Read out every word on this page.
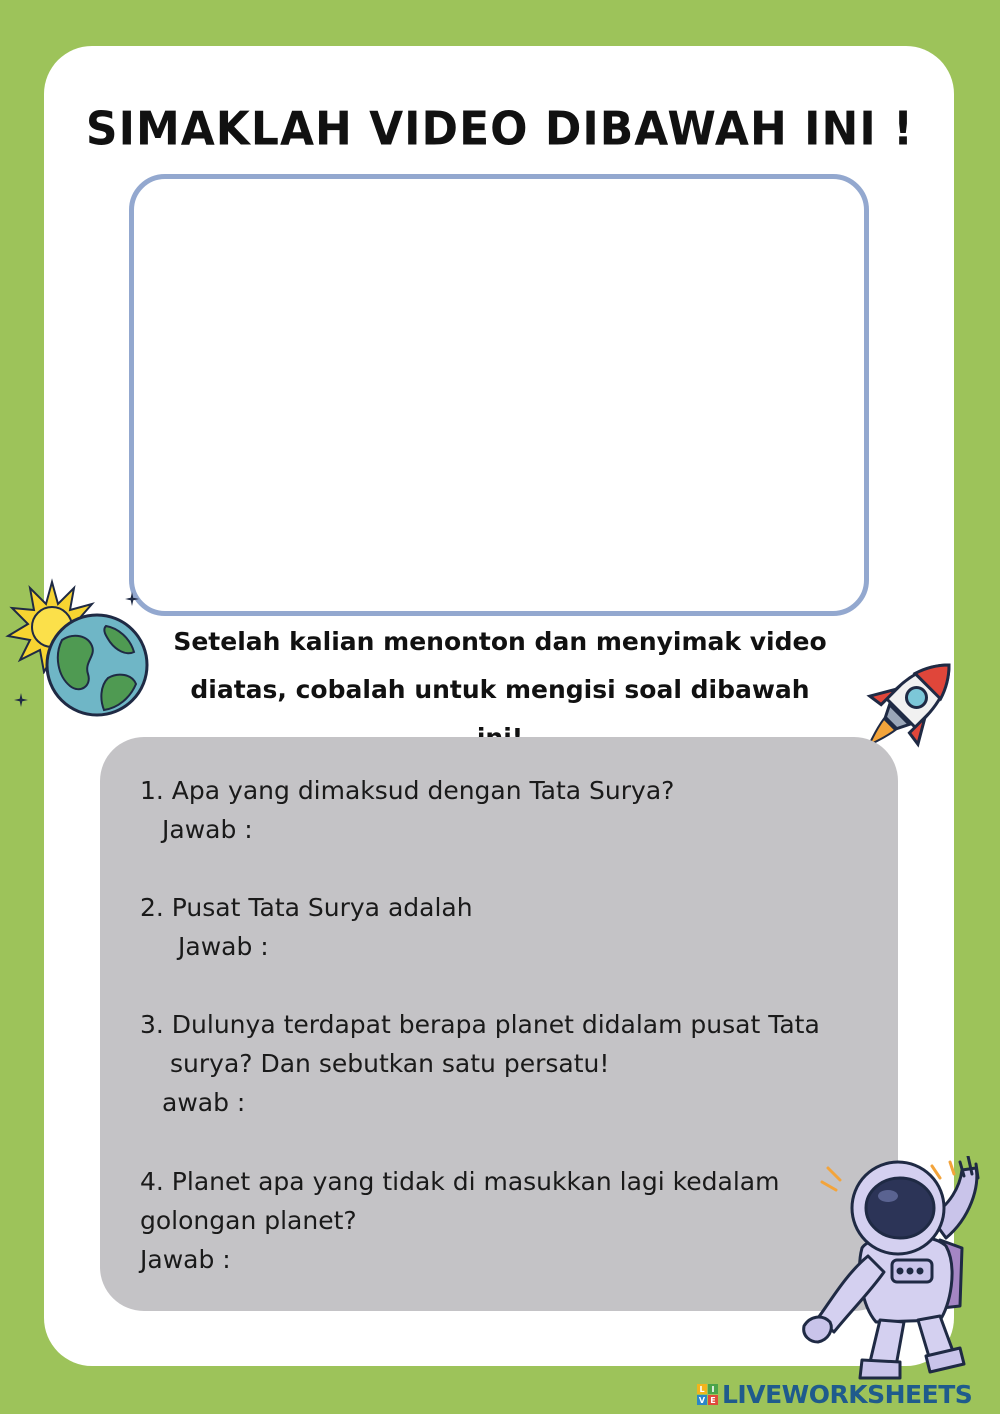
SIMAKLAH VIDEO DIBAWAH INI !
Setelah kalian menonton dan menyimak video
diatas, cobalah untuk mengisi soal dibawah
1. Apa yang dimaksud dengan Tata Surya?
Jawab :
2. Pusat Tata Surya adalah
Jawab :
3. Dulunya terdapat berapa planet didalam pusat Tata
surya? Dan sebutkan satu persatu!
awab :
4. Planet apa yang tidak di masukkan lagi kedalam
golongan planet?
Jawab :
L I
V E LIVEWORKSHEETS
